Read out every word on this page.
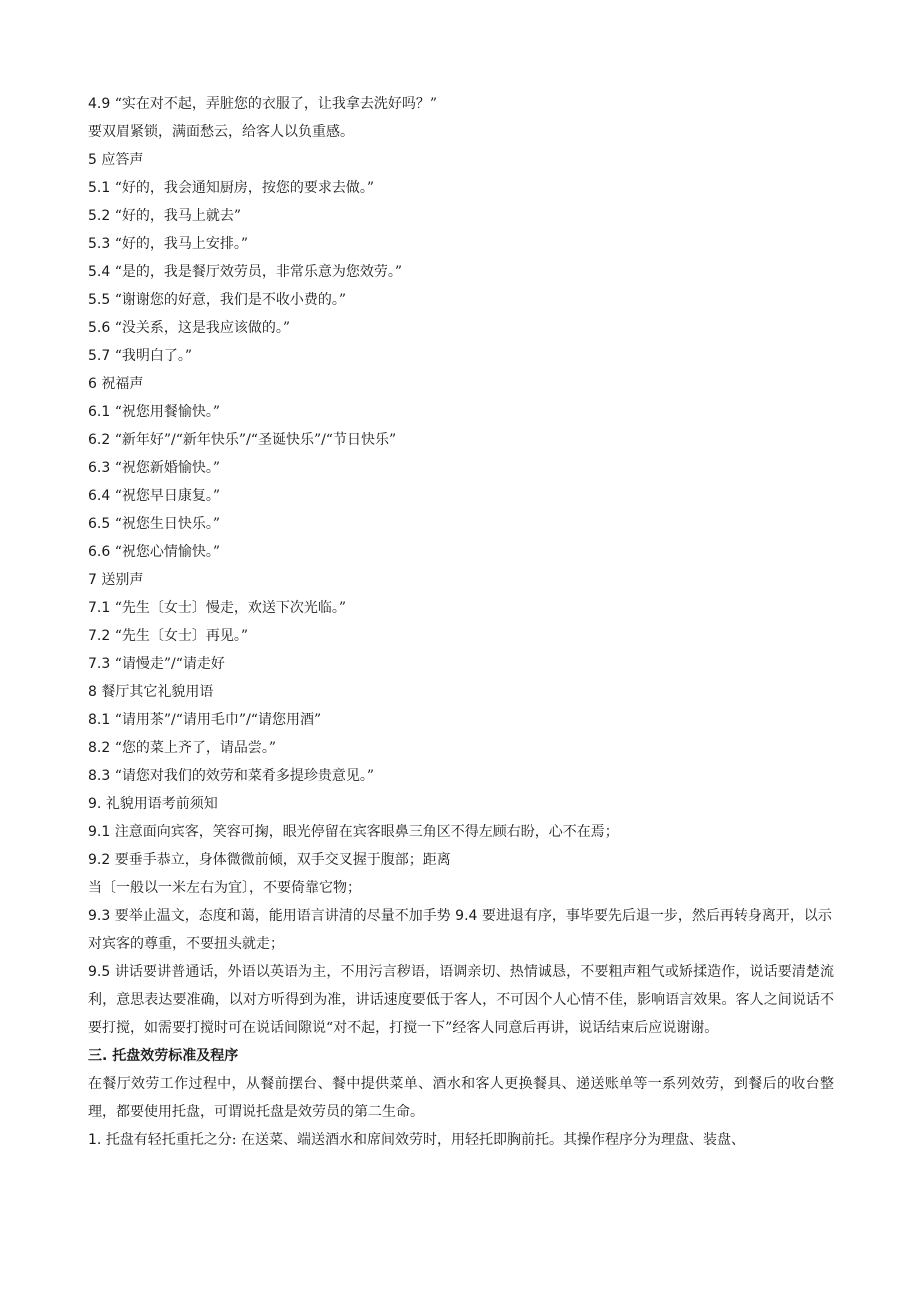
4.9 “实在对不起，弄脏您的衣服了，让我拿去洗好吗？”
要双眉紧锁，满面愁云，给客人以负重感。
5 应答声
5.1 “好的，我会通知厨房，按您的要求去做。”
5.2 “好的，我马上就去”
5.3 “好的，我马上安排。”
5.4 “是的，我是餐厅效劳员，非常乐意为您效劳。”
5.5 “谢谢您的好意，我们是不收小费的。”
5.6 “没关系，这是我应该做的。”
5.7 “我明白了。”
6 祝福声
6.1 “祝您用餐愉快。”
6.2 “新年好”/“新年快乐”/“圣诞快乐”/“节日快乐”
6.3 “祝您新婚愉快。”
6.4 “祝您早日康复。”
6.5 “祝您生日快乐。”
6.6 “祝您心情愉快。”
7 送别声
7.1 “先生〔女士〕慢走，欢送下次光临。”
7.2 “先生〔女士〕再见。”
7.3 “请慢走”/“请走好
8 餐厅其它礼貌用语
8.1 “请用茶”/“请用毛巾”/“请您用酒”
8.2 “您的菜上齐了，请品尝。”
8.3 “请您对我们的效劳和菜肴多提珍贵意见。”
9. 礼貌用语考前须知
9.1 注意面向宾客，笑容可掬，眼光停留在宾客眼鼻三角区不得左顾右盼，心不在焉；
9.2 要垂手恭立，身体微微前倾，双手交叉握于腹部；距离
当〔一般以一米左右为宜〕，不要倚靠它物；
9.3 要举止温文，态度和蔼，能用语言讲清的尽量不加手势 9.4 要进退有序，事毕要先后退一步，然后再转身离开，以示
对宾客的尊重，不要扭头就走；
9.5 讲话要讲普通话，外语以英语为主，不用污言秽语，语调亲切、热情诚恳，不要粗声粗气或矫揉造作，说话要清楚流利，意思表达要准确，以对方听得到为准，讲话速度要低于客人，不可因个人心情不佳，影响语言效果。客人之间说话不要打搅，如需要打搅时可在说话间隙说“对不起，打搅一下”经客人同意后再讲，说话结束后应说谢谢。
三. 托盘效劳标准及程序
在餐厅效劳工作过程中，从餐前摆台、餐中提供菜单、酒水和客人更换餐具、递送账单等一系列效劳，到餐后的收台整理，都要使用托盘，可谓说托盘是效劳员的第二生命。
1. 托盘有轻托重托之分: 在送菜、端送酒水和席间效劳时，用轻托即胸前托。其操作程序分为理盘、装盘、
